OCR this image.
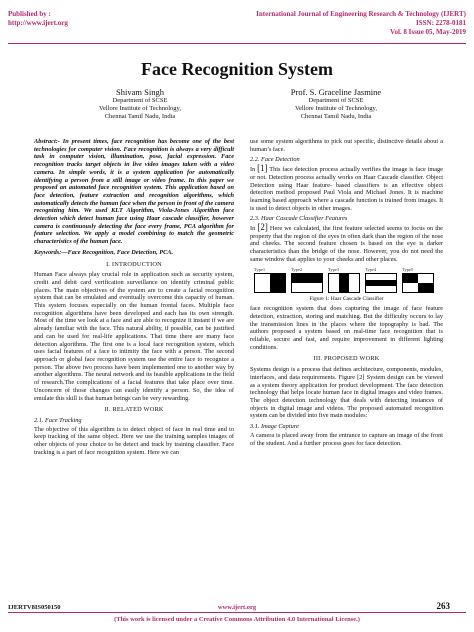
Published by :
http://www.ijert.org
International Journal of Engineering Research & Technology (IJERT)
ISSN: 2278-0181
Vol. 8 Issue 05, May-2019
Face Recognition System
Shivam Singh
Department of SCSE
Vellore Institute of Technology,
Chennai Tamil Nadu, India
Prof. S. Graceline Jasmine
Department of SCSE
Vellore Institute of Technology,
Chennai Tamil Nadu, India

Abstract:- In present times, face recognition has become one of the best technologies for computer vision. Face recognition is always a very difficult task in computer vision, illumination, pose, facial expression. Face recognition tracks target objects in live video images taken with a video camera. In simple words, it is a system application for automatically identifying a person from a still image or video frame. In this paper we proposed an automated face recognition system. This application based on face detection, feature extraction and recognition algorithms, which automatically detects the human face when the person in front of the camera recognizing him. We used KLT Algorithm, Viola-Jones Algorithm face detection which detect human face using Haar cascade classifier, however camera is continuously detecting the face every frame, PCA algorithm for feature selection. We apply a model combining to match the geometric characteristics of the human face.

Keywords:—Face Recognition, Face Detection, PCA.

I. INTRODUCTION

Human Face always play crucial role in application such as security system, credit and debit card verification surveillance on identify criminal public places. The main objectives of the system are to create a facial recognition system that can be emulated and eventually overcome this capacity of human. This system focuses especially on the human frontal faces. Multiple face recognition algorithms have been developed and each has its own strength. Most of the time we look at a face and are able to recognize it instant if we are already familiar with the face. This natural ability, if possible, can be justified and can be used for real-life applications. That time there are many face detection algorithms. The first one is a local face recognition system, which uses facial features of a face to intimity the face with a person. The second approach or global face recognition system use the entire face to recognize a person. The above two process have been implemented one to another way by another algorithms. The neural network and its feasible applications in the field of research.The complications of a facial features that take place over time. Unconcern of those changes can easily identify a person. So, the idea of emulate this skill is that human beings can be very rewarding.

II. RELATED WORK
2.1. Face Tracking

The objective of this algorithm is to detect object of face in real time and to keep tracking of the same object. Here we use the training samples images of other objects of your choice to be detect and track by training classifier. Face tracking is a part of face recognition system. Here we can

use some system algorithms to pick out specific, distinctive details about a human’s face.

2.2. Face Detection

In [1] This face detection process actually verifies the image is face image or not. Detection process actually works on Haar Cascade classifier. Object Detection using Haar feature- based classifiers is an effective object detection method proposed Paul Viola and Michael Jones. It is machine learning based approach where a cascade function is trained from images. It is used to detect objects in other images.

2.3. Haar Cascade Classifier Features

In [2] Here we calculated, the first feature selected seems to focus on the property that the region of the eyes in often dark than the region of the nose and cheeks. The second feature chosen is based on the eye is darker characteristics than the bridge of the nose. However, you do not need the same window that applies to your cheeks and other places.

Type1	Type2	Type3	Type4	Type5
Figure 1: Haar Cascade Classifier

face recognition system that does capturing the image of face feature detection, extraction, storing and matching. But the difficulty occurs to lay the transmission lines in the places where the topography is bad. The authors proposed a system based on real-time face recognition that is reliable, secure and fast, and require improvement in different lighting conditions.

III. PROPOSED WORK

Systems design is a process that defines architecture, components, modules, interfaces, and data requirements. Figure [2] System design can be viewed as a system theory application for product development. The face detection technology that helps locate human face in digital images and video frames. The object detection technology that deals with detecting instances of objects in digital image and videos. The proposed automated recognition system can be divided into five main modules:

3.1. Image Capture

A camera is placed away from the entrance to capture an image of the front of the student. And a further process goes for face detection.

IJERTV8IS050150	www.ijert.org	263
(This work is licensed under a Creative Commons Attribution 4.0 International License.)
